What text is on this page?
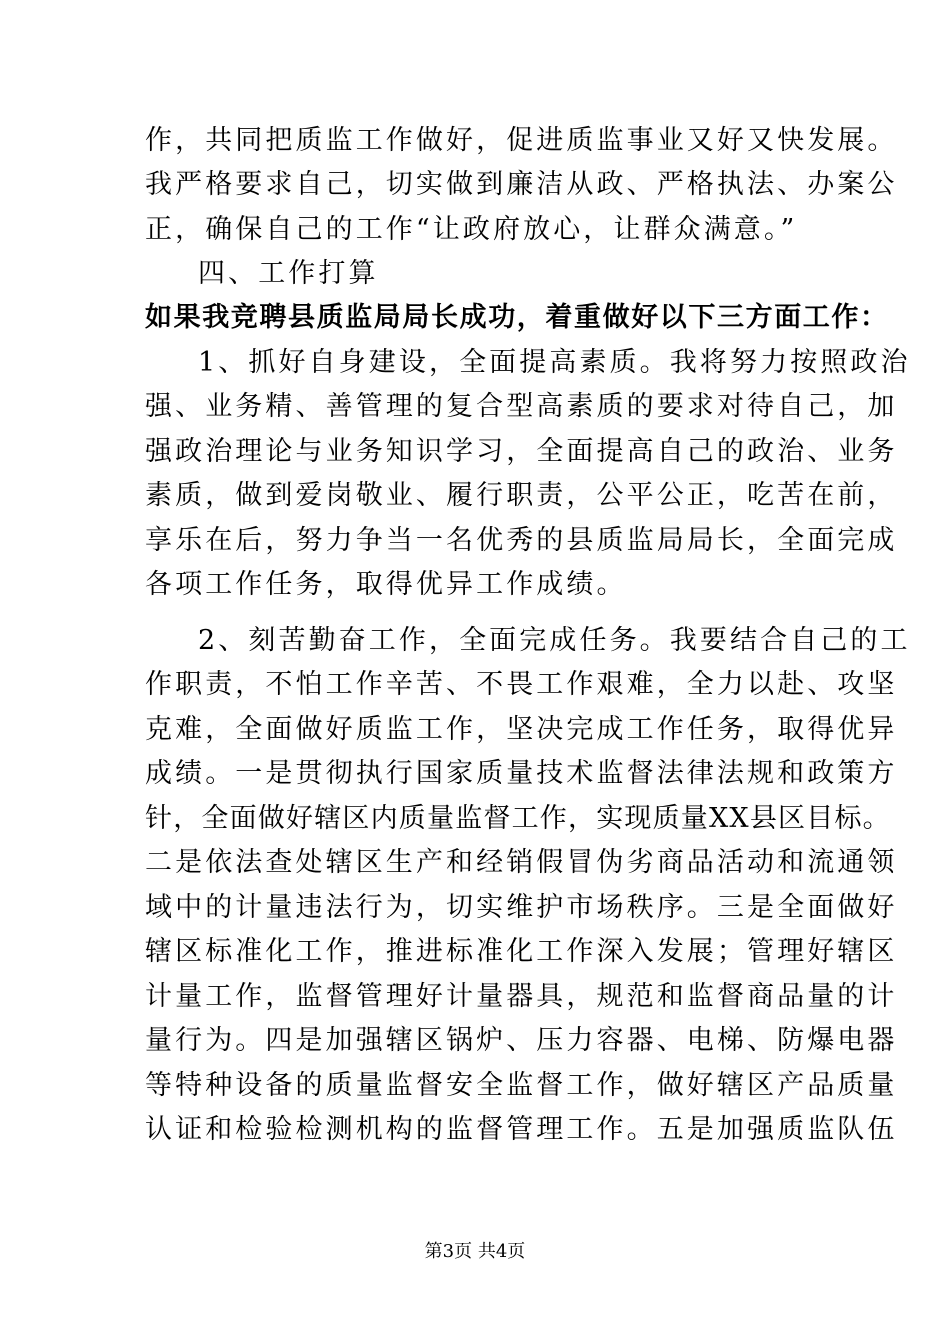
作，共同把质监工作做好，促进质监事业又好又快发展。
我严格要求自己，切实做到廉洁从政、严格执法、办案公
正，确保自己的工作“让政府放心，让群众满意。”
四、工作打算
如果我竞聘县质监局局长成功，着重做好以下三方面工作：
1、抓好自身建设，全面提高素质。我将努力按照政治
强、业务精、善管理的复合型高素质的要求对待自己，加
强政治理论与业务知识学习，全面提高自己的政治、业务
素质，做到爱岗敬业、履行职责，公平公正，吃苦在前，
享乐在后，努力争当一名优秀的县质监局局长，全面完成
各项工作任务，取得优异工作成绩。
2、刻苦勤奋工作，全面完成任务。我要结合自己的工
作职责，不怕工作辛苦、不畏工作艰难，全力以赴、攻坚
克难，全面做好质监工作，坚决完成工作任务，取得优异
成绩。一是贯彻执行国家质量技术监督法律法规和政策方
针，全面做好辖区内质量监督工作，实现质量XX县区目标。
二是依法查处辖区生产和经销假冒伪劣商品活动和流通领
域中的计量违法行为，切实维护市场秩序。三是全面做好
辖区标准化工作，推进标准化工作深入发展；管理好辖区
计量工作，监督管理好计量器具，规范和监督商品量的计
量行为。四是加强辖区锅炉、压力容器、电梯、防爆电器
等特种设备的质量监督安全监督工作，做好辖区产品质量
认证和检验检测机构的监督管理工作。五是加强质监队伍
第3页 共4页
